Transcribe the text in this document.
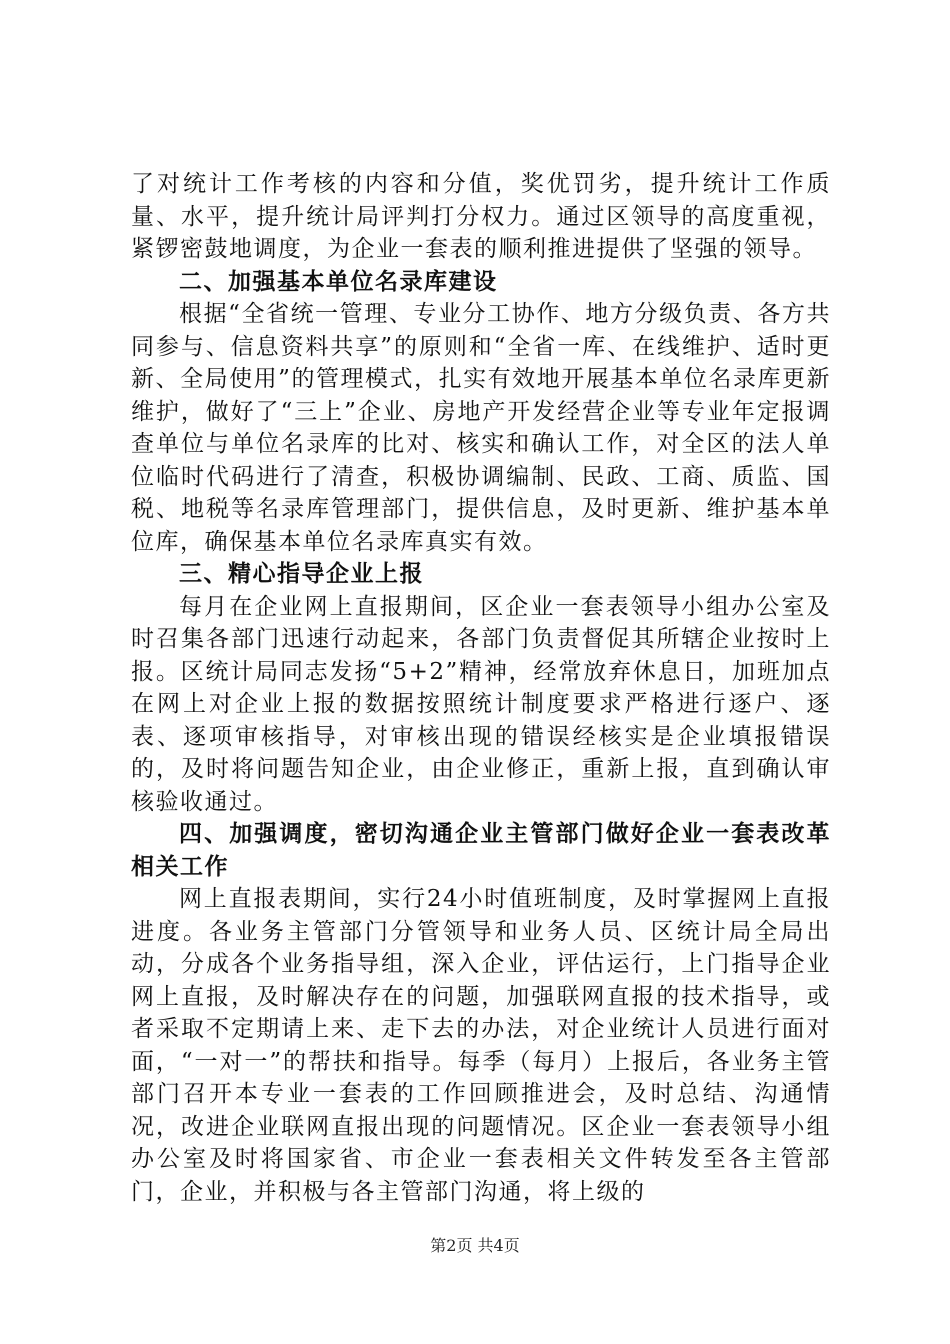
了对统计工作考核的内容和分值，奖优罚劣，提升统计工作质量、水平，提升统计局评判打分权力。通过区领导的高度重视，紧锣密鼓地调度，为企业一套表的顺利推进提供了坚强的领导。

二、加强基本单位名录库建设

根据“全省统一管理、专业分工协作、地方分级负责、各方共同参与、信息资料共享”的原则和“全省一库、在线维护、适时更新、全局使用”的管理模式，扎实有效地开展基本单位名录库更新维护，做好了“三上”企业、房地产开发经营企业等专业年定报调查单位与单位名录库的比对、核实和确认工作，对全区的法人单位临时代码进行了清查，积极协调编制、民政、工商、质监、国税、地税等名录库管理部门，提供信息，及时更新、维护基本单位库，确保基本单位名录库真实有效。

三、精心指导企业上报

每月在企业网上直报期间，区企业一套表领导小组办公室及时召集各部门迅速行动起来，各部门负责督促其所辖企业按时上报。区统计局同志发扬“5+2”精神，经常放弃休息日，加班加点在网上对企业上报的数据按照统计制度要求严格进行逐户、逐表、逐项审核指导，对审核出现的错误经核实是企业填报错误的，及时将问题告知企业，由企业修正，重新上报，直到确认审核验收通过。

四、加强调度，密切沟通企业主管部门做好企业一套表改革相关工作

网上直报表期间，实行24小时值班制度，及时掌握网上直报进度。各业务主管部门分管领导和业务人员、区统计局全局出动，分成各个业务指导组，深入企业，评估运行，上门指导企业网上直报，及时解决存在的问题，加强联网直报的技术指导，或者采取不定期请上来、走下去的办法，对企业统计人员进行面对面，“一对一”的帮扶和指导。每季（每月）上报后，各业务主管部门召开本专业一套表的工作回顾推进会，及时总结、沟通情况，改进企业联网直报出现的问题情况。区企业一套表领导小组办公室及时将国家省、市企业一套表相关文件转发至各主管部门，企业，并积极与各主管部门沟通，将上级的

第2页 共4页
